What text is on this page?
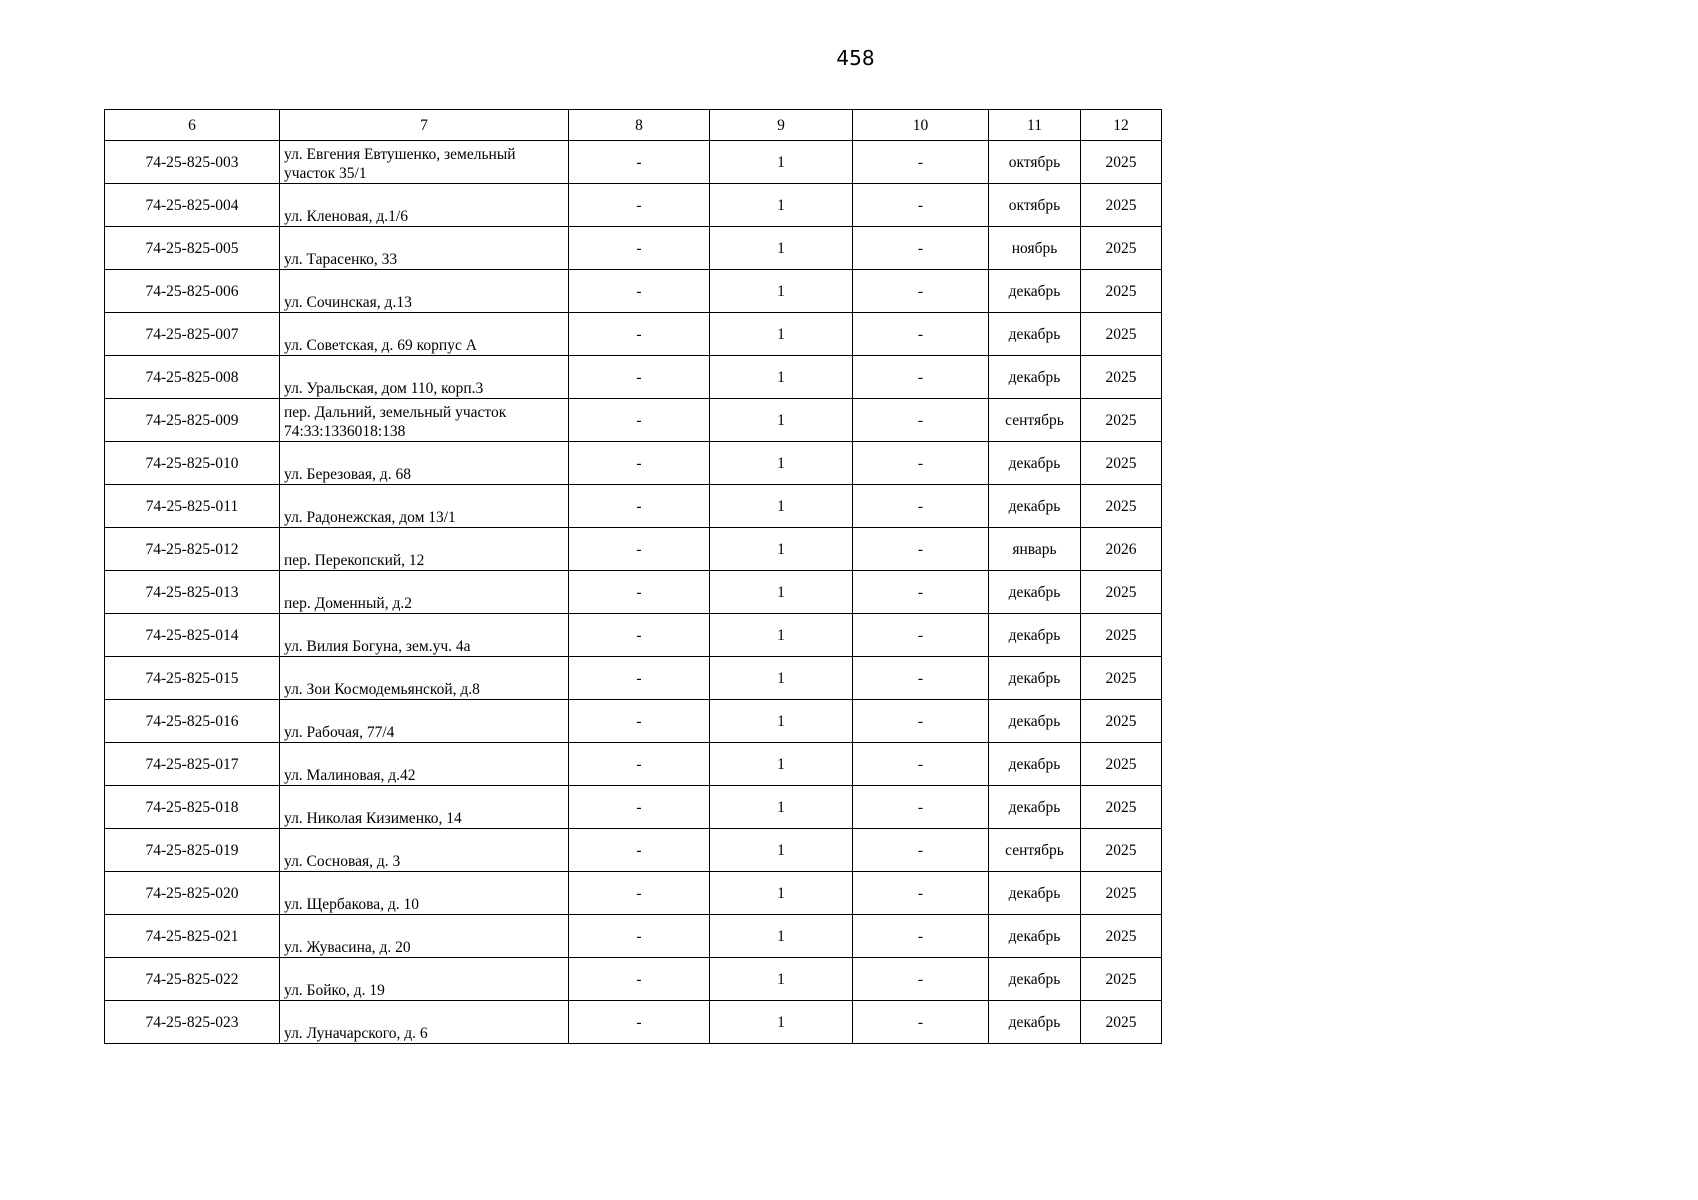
458
6	7	8	9	10	11	12
74-25-825-003	ул. Евгения Евтушенко, земельный участок 35/1	-	1	-	октябрь	2025
74-25-825-004	ул. Кленовая, д.1/6	-	1	-	октябрь	2025
74-25-825-005	ул. Тарасенко, 33	-	1	-	ноябрь	2025
74-25-825-006	ул. Сочинская, д.13	-	1	-	декабрь	2025
74-25-825-007	ул. Советская, д. 69 корпус А	-	1	-	декабрь	2025
74-25-825-008	ул. Уральская, дом 110, корп.3	-	1	-	декабрь	2025
74-25-825-009	пер. Дальний, земельный участок 74:33:1336018:138	-	1	-	сентябрь	2025
74-25-825-010	ул. Березовая, д. 68	-	1	-	декабрь	2025
74-25-825-011	ул. Радонежская, дом 13/1	-	1	-	декабрь	2025
74-25-825-012	пер. Перекопский, 12	-	1	-	январь	2026
74-25-825-013	пер. Доменный, д.2	-	1	-	декабрь	2025
74-25-825-014	ул. Вилия Богуна, зем.уч. 4а	-	1	-	декабрь	2025
74-25-825-015	ул. Зои Космодемьянской, д.8	-	1	-	декабрь	2025
74-25-825-016	ул. Рабочая, 77/4	-	1	-	декабрь	2025
74-25-825-017	ул. Малиновая, д.42	-	1	-	декабрь	2025
74-25-825-018	ул. Николая Кизименко, 14	-	1	-	декабрь	2025
74-25-825-019	ул. Сосновая, д. 3	-	1	-	сентябрь	2025
74-25-825-020	ул. Щербакова, д. 10	-	1	-	декабрь	2025
74-25-825-021	ул. Жувасина, д. 20	-	1	-	декабрь	2025
74-25-825-022	ул. Бойко, д. 19	-	1	-	декабрь	2025
74-25-825-023	ул. Луначарского, д. 6	-	1	-	декабрь	2025
